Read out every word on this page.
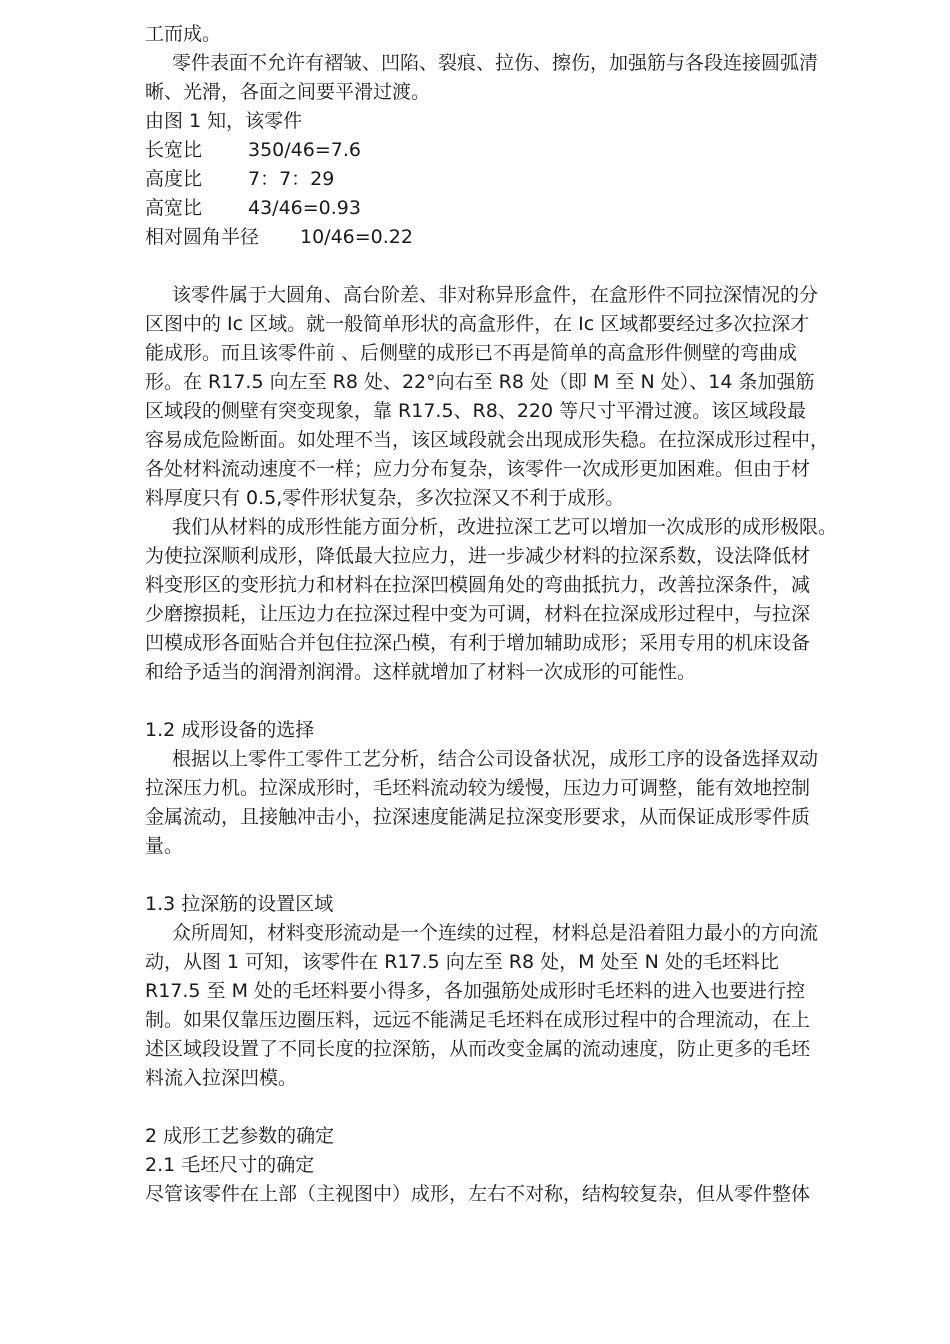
工而成。
零件表面不允许有褶皱、凹陷、裂痕、拉伤、擦伤，加强筋与各段连接圆弧清
晰、光滑，各面之间要平滑过渡。
由图 1 知，该零件
长宽比	350/46=7.6
高度比	7：7：29
高宽比	43/46=0.93
相对圆角半径	10/46=0.22
该零件属于大圆角、高台阶差、非对称异形盒件，在盒形件不同拉深情况的分
区图中的 Ic 区域。就一般简单形状的高盒形件，在 Ic 区域都要经过多次拉深才
能成形。而且该零件前 、后侧壁的成形已不再是简单的高盒形件侧壁的弯曲成
形。在 R17.5 向左至 R8 处、22°向右至 R8 处（即 M 至 N 处）、14 条加强筋
区域段的侧壁有突变现象，靠 R17.5、R8、220 等尺寸平滑过渡。该区域段最
容易成危险断面。如处理不当，该区域段就会出现成形失稳。在拉深成形过程中，
各处材料流动速度不一样；应力分布复杂，该零件一次成形更加困难。但由于材
料厚度只有 0.5,零件形状复杂，多次拉深又不利于成形。
我们从材料的成形性能方面分析，改进拉深工艺可以增加一次成形的成形极限。
为使拉深顺利成形，降低最大拉应力，进一步减少材料的拉深系数，设法降低材
料变形区的变形抗力和材料在拉深凹模圆角处的弯曲抵抗力，改善拉深条件，减
少磨擦损耗，让压边力在拉深过程中变为可调，材料在拉深成形过程中，与拉深
凹模成形各面贴合并包住拉深凸模，有利于增加辅助成形；采用专用的机床设备
和给予适当的润滑剂润滑。这样就增加了材料一次成形的可能性。
1.2 成形设备的选择
根据以上零件工零件工艺分析，结合公司设备状况，成形工序的设备选择双动
拉深压力机。拉深成形时，毛坯料流动较为缓慢，压边力可调整，能有效地控制
金属流动，且接触冲击小，拉深速度能满足拉深变形要求，从而保证成形零件质
量。
1.3 拉深筋的设置区域
众所周知，材料变形流动是一个连续的过程，材料总是沿着阻力最小的方向流
动，从图 1 可知，该零件在 R17.5 向左至 R8 处，M 处至 N 处的毛坯料比
R17.5 至 M 处的毛坯料要小得多，各加强筋处成形时毛坯料的进入也要进行控
制。如果仅靠压边圈压料，远远不能满足毛坯料在成形过程中的合理流动，在上
述区域段设置了不同长度的拉深筋，从而改变金属的流动速度，防止更多的毛坯
料流入拉深凹模。
2 成形工艺参数的确定
2.1 毛坯尺寸的确定
尽管该零件在上部（主视图中）成形，左右不对称，结构较复杂，但从零件整体
